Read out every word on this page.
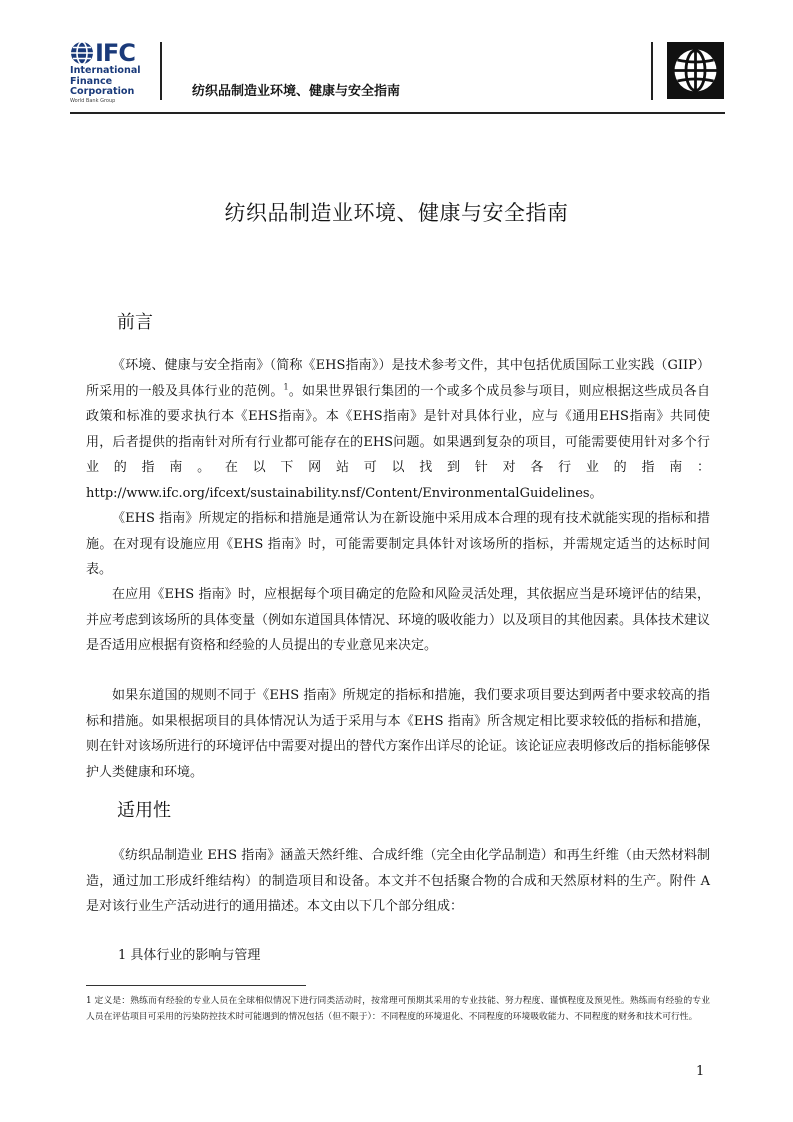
IFC
International
Finance
Corporation
World Bank Group
纺织品制造业环境、健康与安全指南
纺织品制造业环境、健康与安全指南
前言

《环境、健康与安全指南》（简称《EHS指南》）是技术参考文件，其中包括优质国际工业实践（GIIP）所采用的一般及具体行业的范例。$^1$。如果世界银行集团的一个或多个成员参与项目，则应根据这些成员各自政策和标准的要求执行本《EHS指南》。本《EHS指南》是针对具体行业，应与《通用EHS指南》共同使用，后者提供的指南针对所有行业都可能存在的EHS问题。如果遇到复杂的项目，可能需要使用针对多个行业的指南。在以下网站可以找到针对各行业的指南：http://www.ifc.org/ifcext/sustainability.nsf/Content/EnvironmentalGuidelines。

《EHS 指南》所规定的指标和措施是通常认为在新设施中采用成本合理的现有技术就能实现的指标和措施。在对现有设施应用《EHS 指南》时，可能需要制定具体针对该场所的指标，并需规定适当的达标时间表。

在应用《EHS 指南》时，应根据每个项目确定的危险和风险灵活处理，其依据应当是环境评估的结果，并应考虑到该场所的具体变量（例如东道国具体情况、环境的吸收能力）以及项目的其他因素。具体技术建议是否适用应根据有资格和经验的人员提出的专业意见来决定。

如果东道国的规则不同于《EHS 指南》所规定的指标和措施，我们要求项目要达到两者中要求较高的指标和措施。如果根据项目的具体情况认为适于采用与本《EHS 指南》所含规定相比要求较低的指标和措施，则在针对该场所进行的环境评估中需要对提出的替代方案作出详尽的论证。该论证应表明修改后的指标能够保护人类健康和环境。

适用性

《纺织品制造业 EHS 指南》涵盖天然纤维、合成纤维（完全由化学品制造）和再生纤维（由天然材料制造，通过加工形成纤维结构）的制造项目和设备。本文并不包括聚合物的合成和天然原材料的生产。附件 A 是对该行业生产活动进行的通用描述。本文由以下几个部分组成：

1 具体行业的影响与管理

1 定义是：熟练而有经验的专业人员在全球相似情况下进行同类活动时，按常理可预期其采用的专业技能、努力程度、谨慎程度及预见性。熟练而有经验的专业人员在评估项目可采用的污染防控技术时可能遇到的情况包括（但不限于）：不同程度的环境退化、不同程度的环境吸收能力、不同程度的财务和技术可行性。

1
